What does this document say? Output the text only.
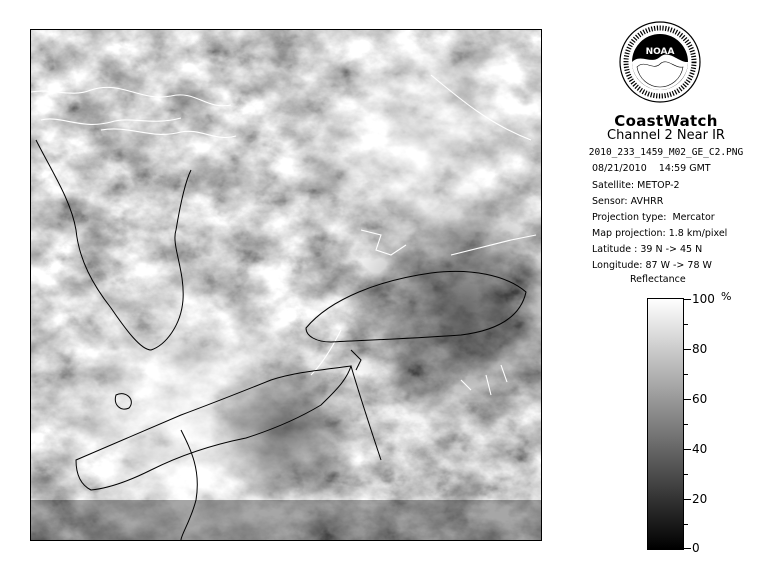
NOAA
CoastWatch
Channel 2 Near IR
2010_233_1459_M02_GE_C2.PNG
08/21/2010    14:59 GMT
Satellite: METOP-2
Sensor: AVHRR
Projection type:  Mercator
Map projection: 1.8 km/pixel
Latitude : 39 N -> 45 N
Longitude: 87 W -> 78 W
Reflectance
%
100
80
60
40
20
0
